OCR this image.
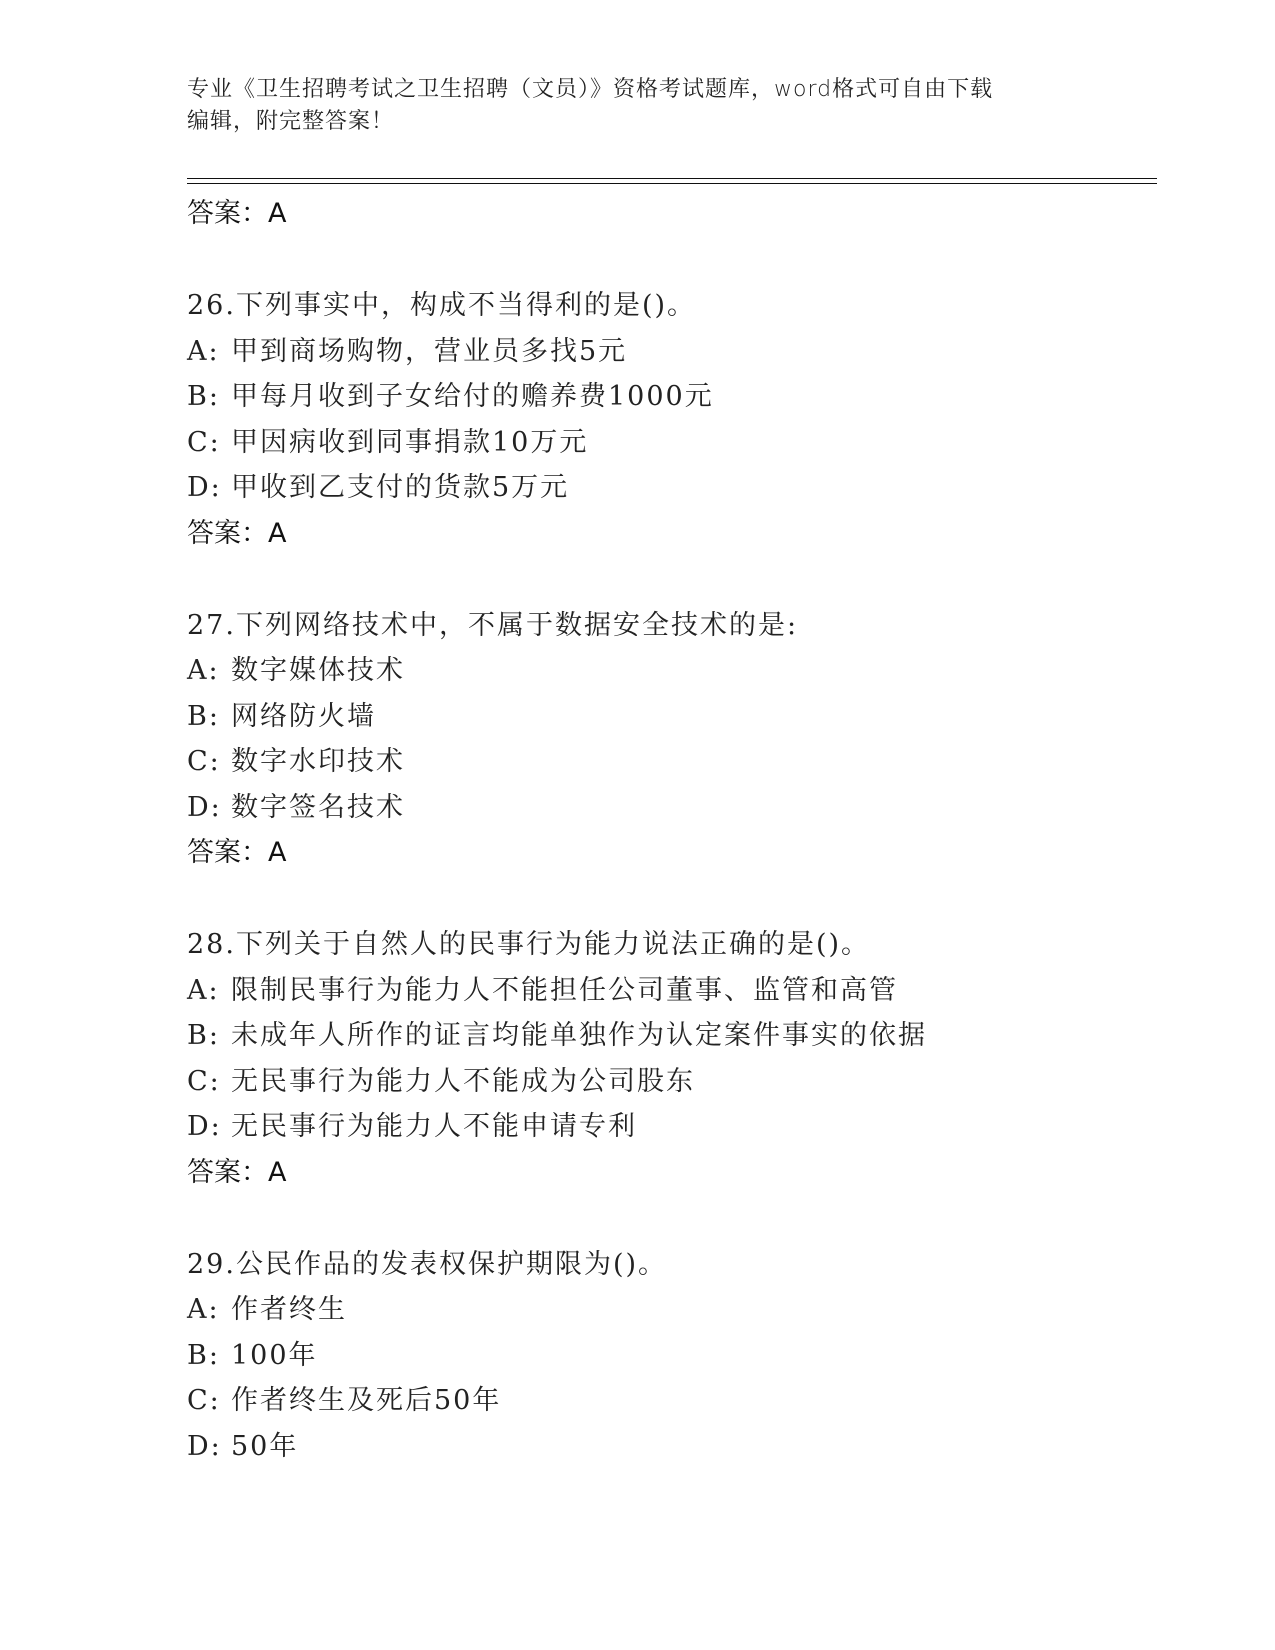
专业《卫生招聘考试之卫生招聘（文员）》资格考试题库，word格式可自由下载
编辑，附完整答案！
答案：A
26.下列事实中，构成不当得利的是()。
A: 甲到商场购物，营业员多找5元
B: 甲每月收到子女给付的赡养费1000元
C: 甲因病收到同事捐款10万元
D: 甲收到乙支付的货款5万元
答案：A
27.下列网络技术中，不属于数据安全技术的是:
A: 数字媒体技术
B: 网络防火墙
C: 数字水印技术
D: 数字签名技术
答案：A
28.下列关于自然人的民事行为能力说法正确的是()。
A: 限制民事行为能力人不能担任公司董事、监管和高管
B: 未成年人所作的证言均能单独作为认定案件事实的依据
C: 无民事行为能力人不能成为公司股东
D: 无民事行为能力人不能申请专利
答案：A
29.公民作品的发表权保护期限为()。
A: 作者终生
B: 100年
C: 作者终生及死后50年
D: 50年
